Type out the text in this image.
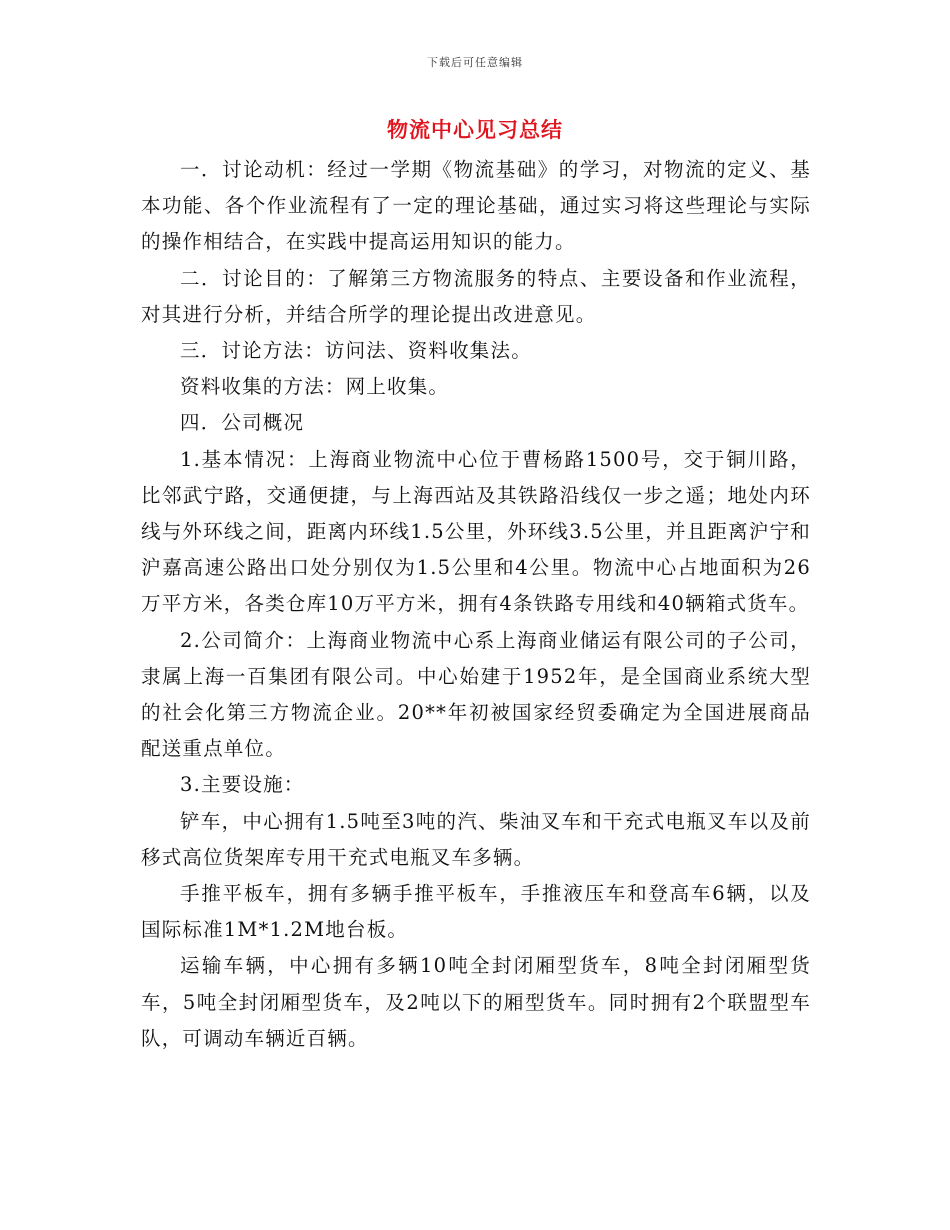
下载后可任意编辑
物流中心见习总结

一．讨论动机：经过一学期《物流基础》的学习，对物流的定义、基本功能、各个作业流程有了一定的理论基础，通过实习将这些理论与实际的操作相结合，在实践中提高运用知识的能力。

二．讨论目的：了解第三方物流服务的特点、主要设备和作业流程，对其进行分析，并结合所学的理论提出改进意见。

三．讨论方法：访问法、资料收集法。

资料收集的方法：网上收集。

四．公司概况

1.基本情况：上海商业物流中心位于曹杨路1500号，交于铜川路，比邻武宁路，交通便捷，与上海西站及其铁路沿线仅一步之遥；地处内环线与外环线之间，距离内环线1.5公里，外环线3.5公里，并且距离沪宁和沪嘉高速公路出口处分别仅为1.5公里和4公里。物流中心占地面积为26万平方米，各类仓库10万平方米，拥有4条铁路专用线和40辆箱式货车。

2.公司简介：上海商业物流中心系上海商业储运有限公司的子公司，隶属上海一百集团有限公司。中心始建于1952年，是全国商业系统大型的社会化第三方物流企业。20**年初被国家经贸委确定为全国进展商品配送重点单位。

3.主要设施：

铲车，中心拥有1.5吨至3吨的汽、柴油叉车和干充式电瓶叉车以及前移式高位货架库专用干充式电瓶叉车多辆。

手推平板车，拥有多辆手推平板车，手推液压车和登高车6辆，以及国际标准1M*1.2M地台板。

运输车辆，中心拥有多辆10吨全封闭厢型货车，8吨全封闭厢型货车，5吨全封闭厢型货车，及2吨以下的厢型货车。同时拥有2个联盟型车队，可调动车辆近百辆。
